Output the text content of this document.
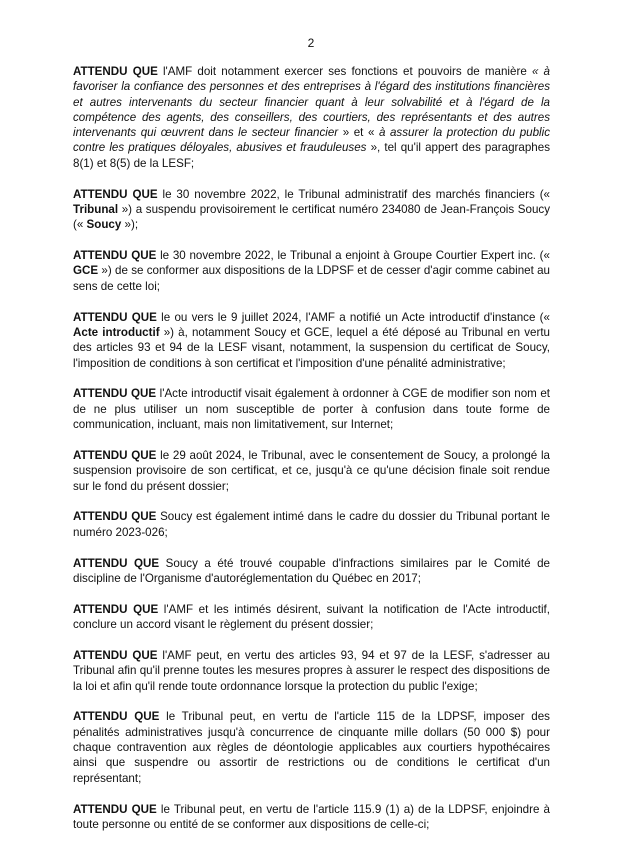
2

ATTENDU QUE l'AMF doit notamment exercer ses fonctions et pouvoirs de manière « à favoriser la confiance des personnes et des entreprises à l'égard des institutions financières et autres intervenants du secteur financier quant à leur solvabilité et à l'égard de la compétence des agents, des conseillers, des courtiers, des représentants et des autres intervenants qui œuvrent dans le secteur financier » et « à assurer la protection du public contre les pratiques déloyales, abusives et frauduleuses », tel qu'il appert des paragraphes 8(1) et 8(5) de la LESF;

ATTENDU QUE le 30 novembre 2022, le Tribunal administratif des marchés financiers (« Tribunal ») a suspendu provisoirement le certificat numéro 234080 de Jean-François Soucy (« Soucy »);

ATTENDU QUE le 30 novembre 2022, le Tribunal a enjoint à Groupe Courtier Expert inc. (« GCE ») de se conformer aux dispositions de la LDPSF et de cesser d'agir comme cabinet au sens de cette loi;

ATTENDU QUE le ou vers le 9 juillet 2024, l'AMF a notifié un Acte introductif d'instance (« Acte introductif ») à, notamment Soucy et GCE, lequel a été déposé au Tribunal en vertu des articles 93 et 94 de la LESF visant, notamment, la suspension du certificat de Soucy, l'imposition de conditions à son certificat et l'imposition d'une pénalité administrative;

ATTENDU QUE l'Acte introductif visait également à ordonner à CGE de modifier son nom et de ne plus utiliser un nom susceptible de porter à confusion dans toute forme de communication, incluant, mais non limitativement, sur Internet;

ATTENDU QUE le 29 août 2024, le Tribunal, avec le consentement de Soucy, a prolongé la suspension provisoire de son certificat, et ce, jusqu'à ce qu'une décision finale soit rendue sur le fond du présent dossier;

ATTENDU QUE Soucy est également intimé dans le cadre du dossier du Tribunal portant le numéro 2023-026;

ATTENDU QUE Soucy a été trouvé coupable d'infractions similaires par le Comité de discipline de l'Organisme d'autoréglementation du Québec en 2017;

ATTENDU QUE l'AMF et les intimés désirent, suivant la notification de l'Acte introductif, conclure un accord visant le règlement du présent dossier;

ATTENDU QUE l'AMF peut, en vertu des articles 93, 94 et 97 de la LESF, s'adresser au Tribunal afin qu'il prenne toutes les mesures propres à assurer le respect des dispositions de la loi et afin qu'il rende toute ordonnance lorsque la protection du public l'exige;

ATTENDU QUE le Tribunal peut, en vertu de l'article 115 de la LDPSF, imposer des pénalités administratives jusqu'à concurrence de cinquante mille dollars (50 000 $) pour chaque contravention aux règles de déontologie applicables aux courtiers hypothécaires ainsi que suspendre ou assortir de restrictions ou de conditions le certificat d'un représentant;

ATTENDU QUE le Tribunal peut, en vertu de l'article 115.9 (1) a) de la LDPSF, enjoindre à toute personne ou entité de se conformer aux dispositions de celle-ci;
